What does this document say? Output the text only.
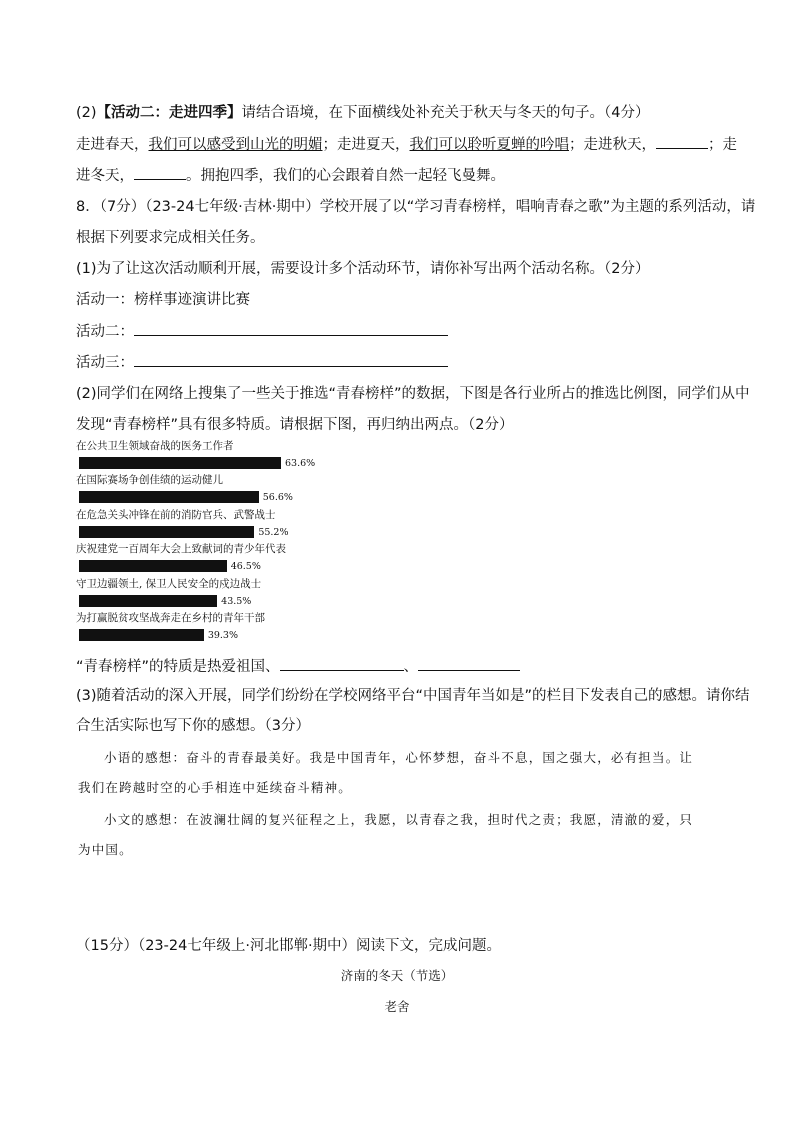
(2)【活动二：走进四季】请结合语境，在下面横线处补充关于秋天与冬天的句子。（4分）
走进春天，我们可以感受到山光的明媚；走进夏天，我们可以聆听夏蝉的吟唱；走进秋天，	；走
进冬天，	。拥抱四季，我们的心会跟着自然一起轻飞曼舞。
8．（7分）（23-24七年级·吉林·期中）学校开展了以“学习青春榜样，唱响青春之歌”为主题的系列活动，请
根据下列要求完成相关任务。
(1)为了让这次活动顺利开展，需要设计多个活动环节，请你补写出两个活动名称。（2分）
活动一：榜样事迹演讲比赛
活动二：
活动三：
(2)同学们在网络上搜集了一些关于推选“青春榜样”的数据，下图是各行业所占的推选比例图，同学们从中
发现“青春榜样”具有很多特质。请根据下图，再归纳出两点。（2分）
在公共卫生领域奋战的医务工作者
63.6%
在国际赛场争创佳绩的运动健儿
56.6%
在危急关头冲锋在前的消防官兵、武警战士
55.2%
庆祝建党一百周年大会上致献词的青少年代表
46.5%
守卫边疆领土, 保卫人民安全的戍边战士
43.5%
为打赢脱贫攻坚战奔走在乡村的青年干部
39.3%
“青春榜样”的特质是热爱祖国、	、
(3)随着活动的深入开展，同学们纷纷在学校网络平台“中国青年当如是”的栏目下发表自己的感想。请你结
合生活实际也写下你的感想。（3分）
小语的感想：奋斗的青春最美好。我是中国青年，心怀梦想，奋斗不息，国之强大，必有担当。让
我们在跨越时空的心手相连中延续奋斗精神。
小文的感想：在波澜壮阔的复兴征程之上，我愿，以青春之我，担时代之责；我愿，清澈的爱，只
为中国。
（15分）（23-24七年级上·河北邯郸·期中）阅读下文，完成问题。
济南的冬天（节选）
老舍
